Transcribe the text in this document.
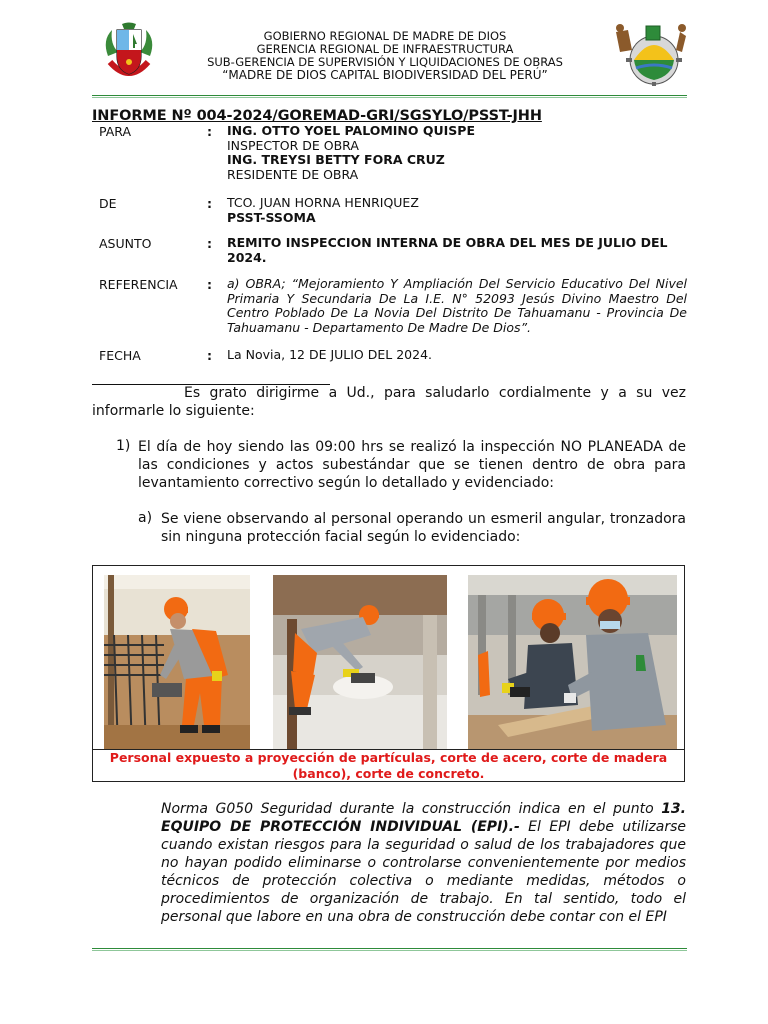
GOBIERNO REGIONAL DE MADRE DE DIOS
GERENCIA REGIONAL DE INFRAESTRUCTURA
SUB-GERENCIA DE SUPERVISIÓN Y LIQUIDACIONES DE OBRAS
“MADRE DE DIOS CAPITAL BIODIVERSIDAD DEL PERÚ”
INFORME Nº 004-2024/GOREMAD-GRI/SGSYLO/PSST-JHH
PARA	: ING. OTTO YOEL PALOMINO QUISPE
INSPECTOR DE OBRA
ING. TREYSI BETTY FORA CRUZ
RESIDENTE DE OBRA
DE	: TCO. JUAN HORNA HENRIQUEZ
PSST-SSOMA
ASUNTO	: REMITO INSPECCION INTERNA DE OBRA DEL MES DE JULIO DEL 2024.
REFERENCIA : a) OBRA; “Mejoramiento Y Ampliación Del Servicio Educativo Del Nivel Primaria Y Secundaria De La I.E. N° 52093 Jesús Divino Maestro Del Centro Poblado De La Novia Del Distrito De Tahuamanu - Provincia De Tahuamanu - Departamento De Madre De Dios”.
FECHA	: La Novia, 12 DE JULIO DEL 2024.
Es grato dirigirme a Ud., para saludarlo cordialmente y a su vez informarle lo siguiente:
1) El día de hoy siendo las 09:00 hrs se realizó la inspección NO PLANEADA de las condiciones y actos subestándar que se tienen dentro de obra para levantamiento correctivo según lo detallado y evidenciado:
a) Se viene observando al personal operando un esmeril angular, tronzadora sin ninguna protección facial según lo evidenciado:
Personal expuesto a proyección de partículas, corte de acero, corte de madera (banco), corte de concreto.
Norma G050 Seguridad durante la construcción indica en el punto 13. EQUIPO DE PROTECCIÓN INDIVIDUAL (EPI).- El EPI debe utilizarse cuando existan riesgos para la seguridad o salud de los trabajadores que no hayan podido eliminarse o controlarse convenientemente por medios técnicos de protección colectiva o mediante medidas, métodos o procedimientos de organización de trabajo. En tal sentido, todo el personal que labore en una obra de construcción debe contar con el EPI
